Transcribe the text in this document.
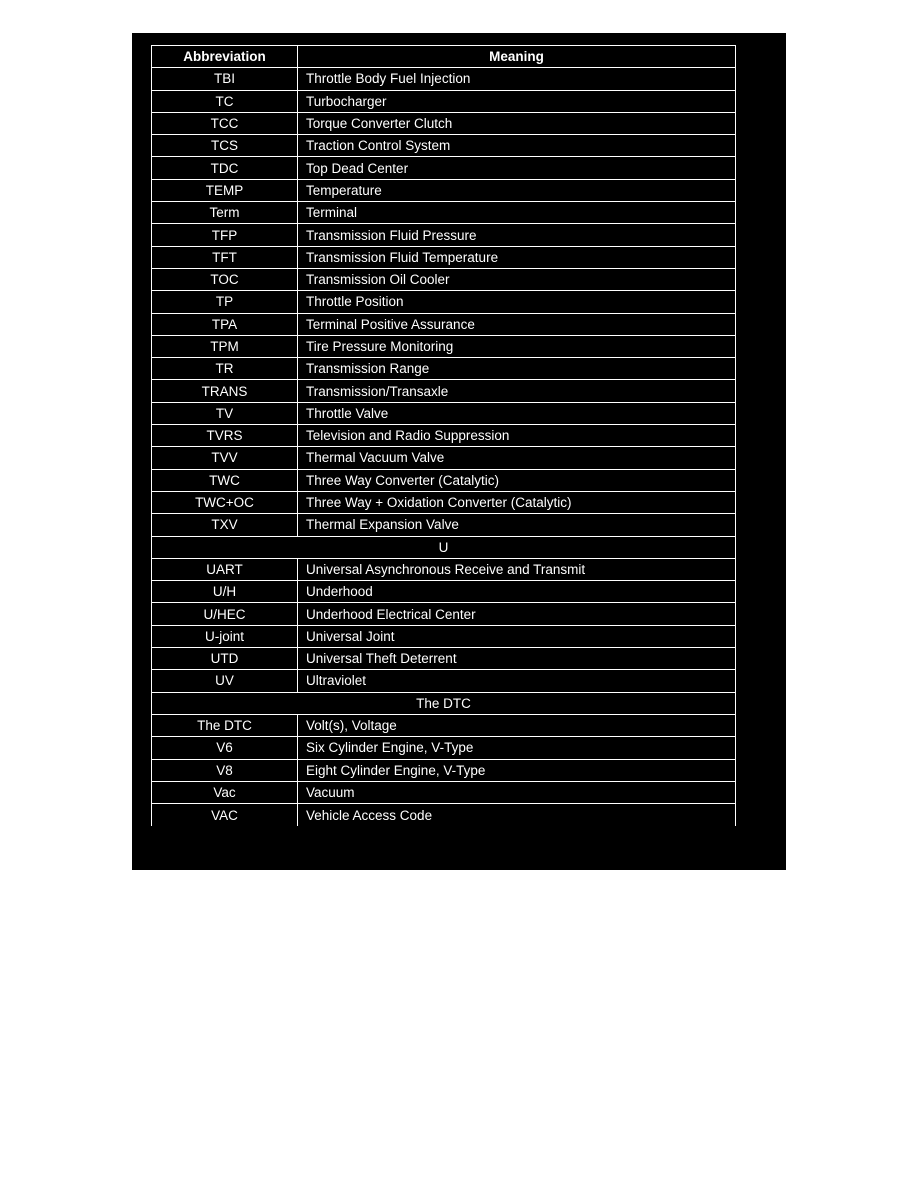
Abbreviation	Meaning
TBI	Throttle Body Fuel Injection
TC	Turbocharger
TCC	Torque Converter Clutch
TCS	Traction Control System
TDC	Top Dead Center
TEMP	Temperature
Term	Terminal
TFP	Transmission Fluid Pressure
TFT	Transmission Fluid Temperature
TOC	Transmission Oil Cooler
TP	Throttle Position
TPA	Terminal Positive Assurance
TPM	Tire Pressure Monitoring
TR	Transmission Range
TRANS	Transmission/Transaxle
TV	Throttle Valve
TVRS	Television and Radio Suppression
TVV	Thermal Vacuum Valve
TWC	Three Way Converter (Catalytic)
TWC+OC	Three Way + Oxidation Converter (Catalytic)
TXV	Thermal Expansion Valve
U
UART	Universal Asynchronous Receive and Transmit
U/H	Underhood
U/HEC	Underhood Electrical Center
U-joint	Universal Joint
UTD	Universal Theft Deterrent
UV	Ultraviolet
The DTC
The DTC	Volt(s), Voltage
V6	Six Cylinder Engine, V-Type
V8	Eight Cylinder Engine, V-Type
Vac	Vacuum
VAC	Vehicle Access Code
